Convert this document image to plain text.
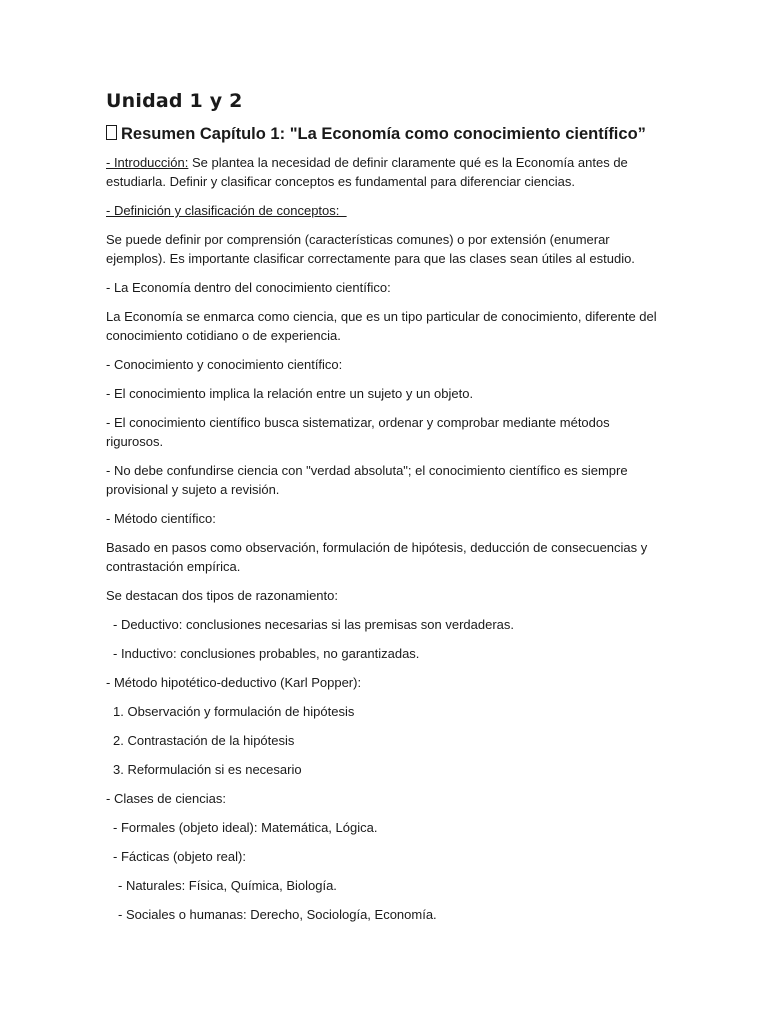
Unidad 1 y 2
Resumen Capítulo 1: "La Economía como conocimiento científico”

- Introducción: Se plantea la necesidad de definir claramente qué es la Economía antes de estudiarla. Definir y clasificar conceptos es fundamental para diferenciar ciencias.

- Definición y clasificación de conceptos:

Se puede definir por comprensión (características comunes) o por extensión (enumerar ejemplos). Es importante clasificar correctamente para que las clases sean útiles al estudio.

- La Economía dentro del conocimiento científico:

La Economía se enmarca como ciencia, que es un tipo particular de conocimiento, diferente del conocimiento cotidiano o de experiencia.

- Conocimiento y conocimiento científico:

- El conocimiento implica la relación entre un sujeto y un objeto.

- El conocimiento científico busca sistematizar, ordenar y comprobar mediante métodos rigurosos.

- No debe confundirse ciencia con "verdad absoluta"; el conocimiento científico es siempre provisional y sujeto a revisión.

- Método científico:

Basado en pasos como observación, formulación de hipótesis, deducción de consecuencias y contrastación empírica.

Se destacan dos tipos de razonamiento:

- Deductivo: conclusiones necesarias si las premisas son verdaderas.

- Inductivo: conclusiones probables, no garantizadas.

- Método hipotético-deductivo (Karl Popper):

1. Observación y formulación de hipótesis

2. Contrastación de la hipótesis

3. Reformulación si es necesario

- Clases de ciencias:

- Formales (objeto ideal): Matemática, Lógica.

- Fácticas (objeto real):

- Naturales: Física, Química, Biología.

- Sociales o humanas: Derecho, Sociología, Economía.
